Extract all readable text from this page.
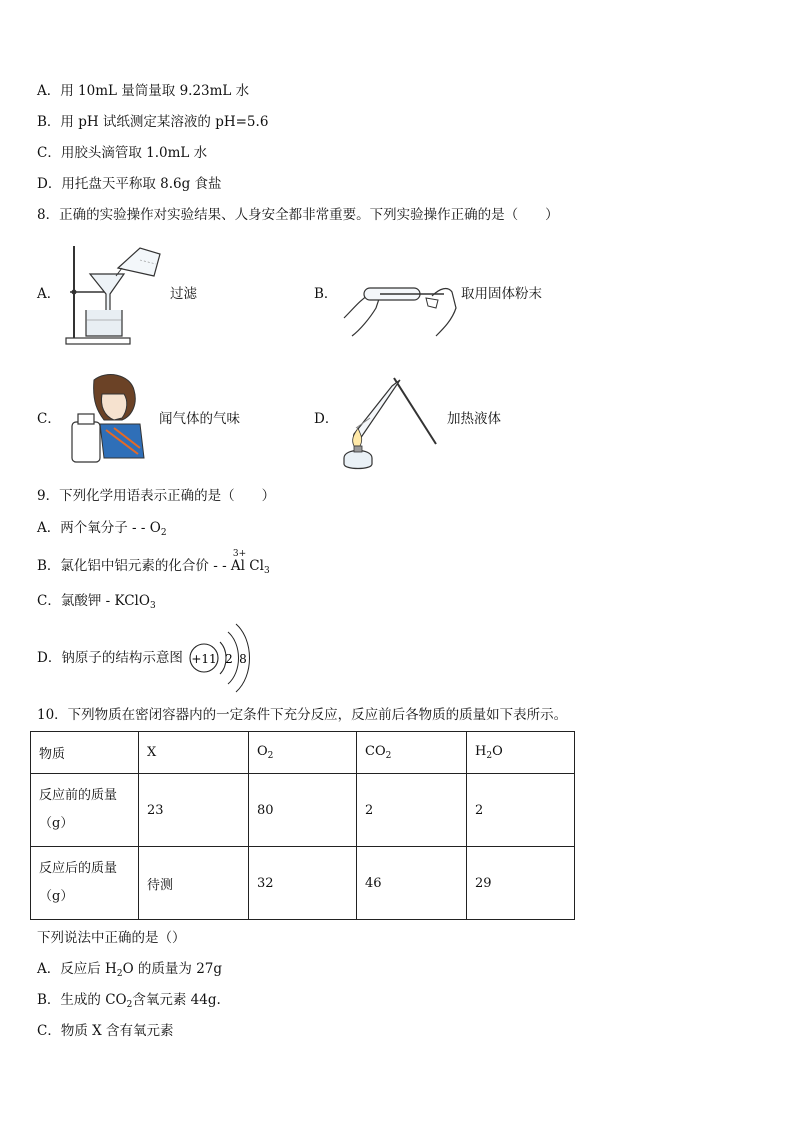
A．用 10mL 量筒量取 9.23mL 水
B．用 pH 试纸测定某溶液的 pH=5.6
C．用胶头滴管取 1.0mL 水
D．用托盘天平称取 8.6g 食盐
8．正确的实验操作对实验结果、人身安全都非常重要。下列实验操作正确的是（　　）
A．	过滤	B．	取用固体粉末
C．	闻气体的气味	D．	加热液体
9．下列化学用语表示正确的是（　　）
A．两个氧分子 - - $O_2$
B．氯化铝中铝元素的化合价 - -
3+
Al $Cl_3$
C．氯酸钾 - KClO$_3$
D．钠原子的结构示意图 +11 2 8
10．下列物质在密闭容器内的一定条件下充分反应，反应前后各物质的质量如下表所示。
物质	X	$O_2$	$CO_2$	$H_2O$
反应前的质量
（g）	23	80	2	2
反应后的质量
（g）	待测	32	46	29
下列说法中正确的是（）
A．反应后 $H_2O$ 的质量为 27g
B．生成的 $CO_2$含氧元素 44g.
C．物质 X 含有氧元素
